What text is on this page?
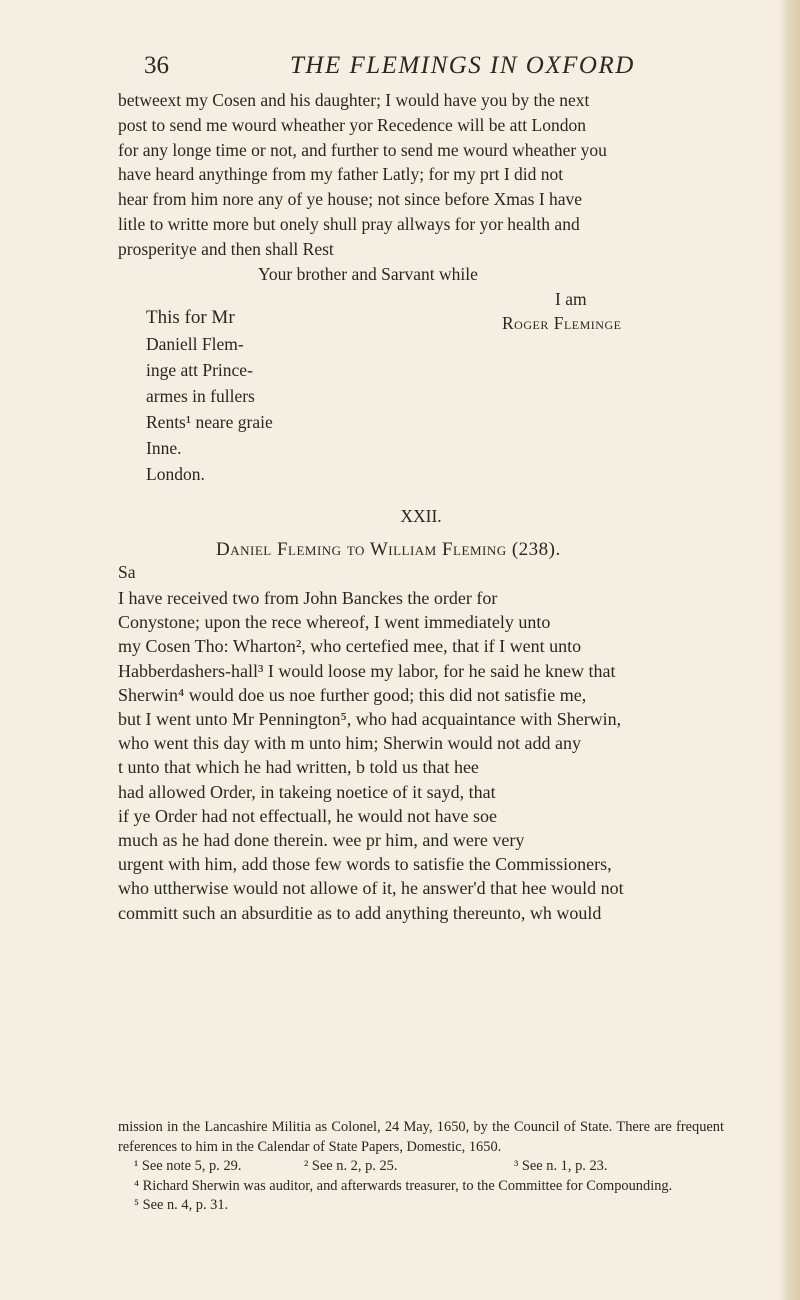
36	THE FLEMINGS IN OXFORD

betweext my Cosen and his daughter; I would have you by the next

post to send me wourd wheather yor Recedence will be att London

for any longe time or not, and further to send me wourd wheather you

have heard anythinge from my father Latly; for my prt I did not

hear from him nore any of ye house; not since before Xmas I have

litle to writte more but onely shull pray allways for yor health and

prosperitye and then shall Rest

Your brother and Sarvant while
I am
Roger Fleminge
This for Mr
Daniell Flem-
inge att Prince-
armes in fullers
Rents¹ neare graie
Inne.
London.
XXII.
Daniel Fleming to William Fleming (238).
Sa

I have received two from John Banckes the order for

Conystone; upon the rece whereof, I went immediately unto

my Cosen Tho: Wharton², who certefied mee, that if I went unto

Habberdashers-hall³ I would loose my labor, for he said he knew that

Sherwin⁴ would doe us noe further good; this did not satisfie me,

but I went unto Mr Pennington⁵, who had acquaintance with Sherwin,

who went this day with m unto him; Sherwin would not add any

t unto that which he had written, b told us that hee

had allowed Order, in takeing noetice of it sayd, that

if ye Order had not effectuall, he would not have soe

much as he had done therein. wee pr him, and were very

urgent with him, add those few words to satisfie the Commissioners,

who uttherwise would not allowe of it, he answer'd that hee would not

committ such an absurditie as to add anything thereunto, wh would

mission in the Lancashire Militia as Colonel, 24 May, 1650, by the Council of State. There are frequent references to him in the Calendar of State Papers, Domestic, 1650.

¹ See note 5, p. 29.	² See n. 2, p. 25.	³ See n. 1, p. 23.

⁴ Richard Sherwin was auditor, and afterwards treasurer, to the Committee for Compounding.

⁵ See n. 4, p. 31.
